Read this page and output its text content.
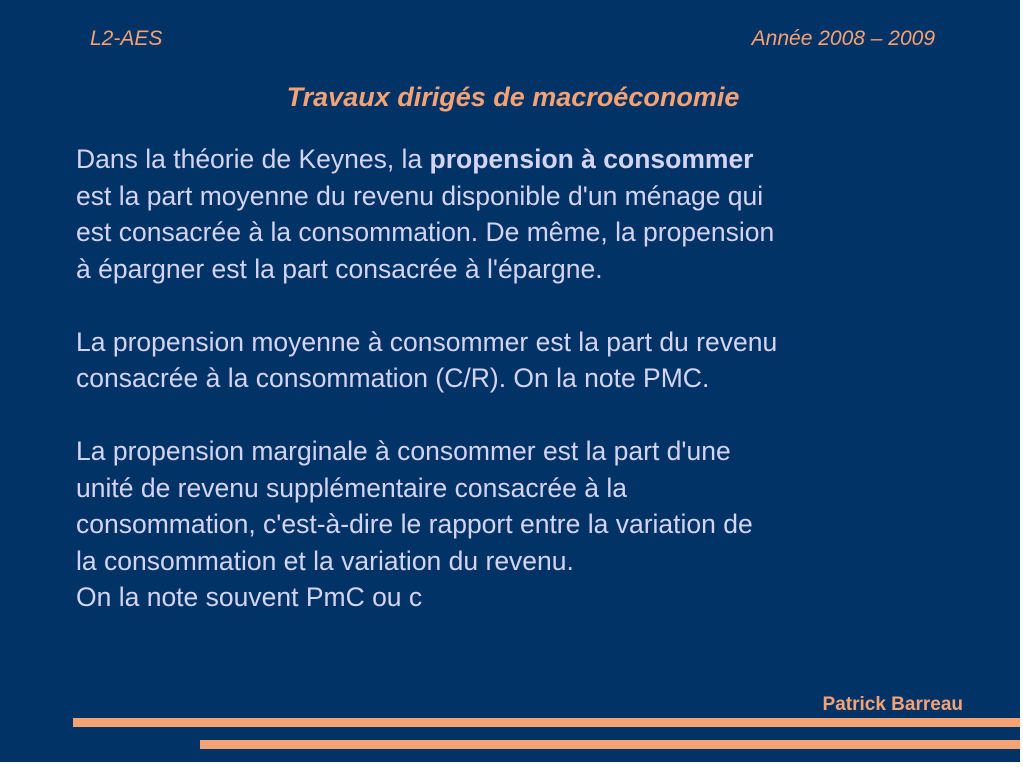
L2-AES	Année 2008 – 2009
Travaux dirigés de macroéconomie

Dans la théorie de Keynes, la propension à consommer
est la part moyenne du revenu disponible d'un ménage qui
est consacrée à la consommation. De même, la propension
à épargner est la part consacrée à l'épargne.

La propension moyenne à consommer est la part du revenu
consacrée à la consommation (C/R). On la note PMC.

La propension marginale à consommer est la part d'une
unité de revenu supplémentaire consacrée à la
consommation, c'est-à-dire le rapport entre la variation de
la consommation et la variation du revenu.
On la note souvent PmC ou c

Patrick Barreau
